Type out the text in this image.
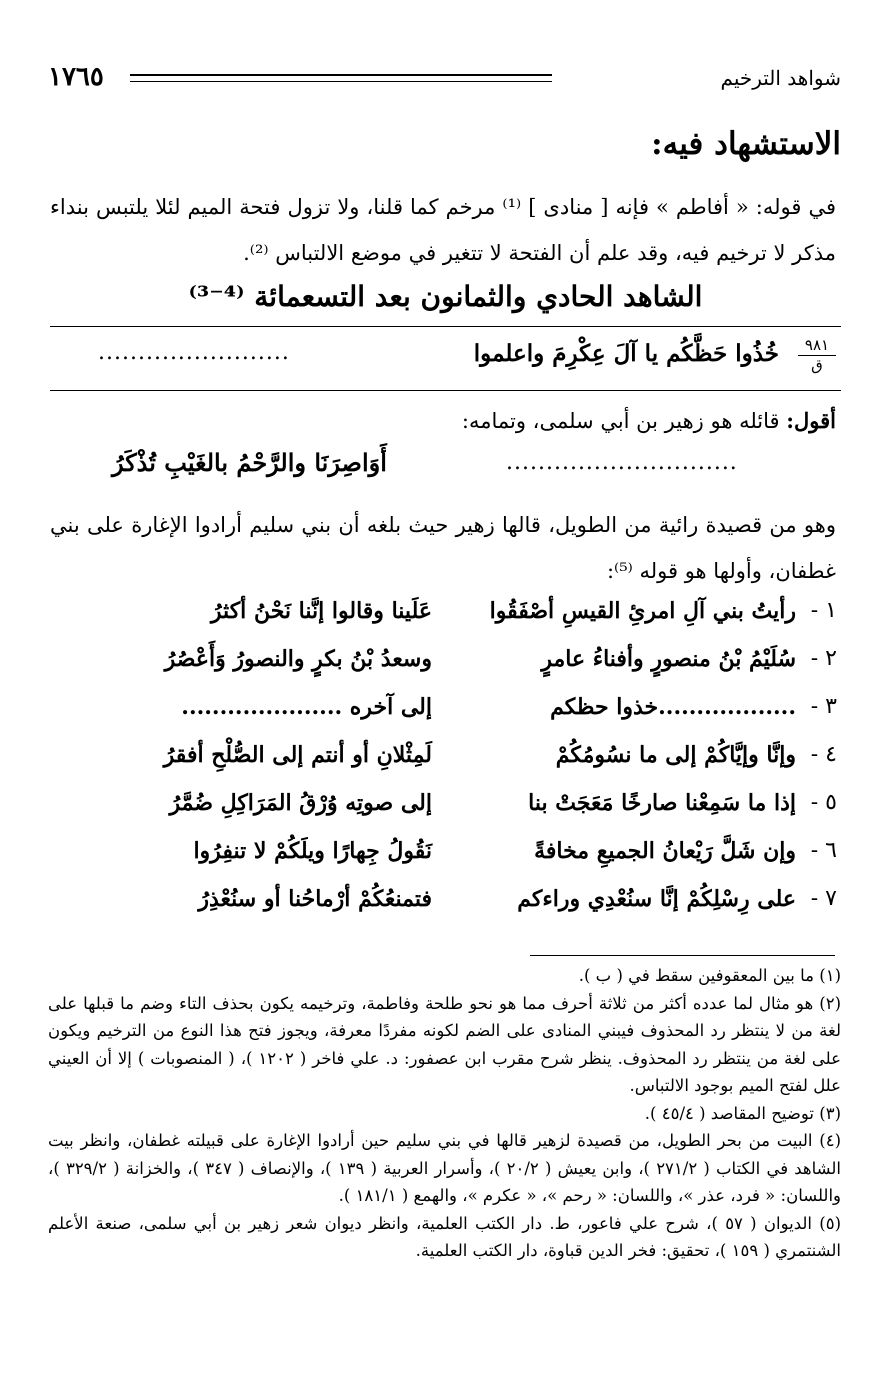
١٧٦٥	شواهد الترخيم
الاستشهاد فيه:
في قوله: « أفاطم » فإنه [ منادى ] ⁽¹⁾ مرخم كما قلنا، ولا تزول فتحة الميم لئلا يلتبس بنداء مذكر لا ترخيم فيه، وقد علم أن الفتحة لا تتغير في موضع الالتباس ⁽²⁾.
الشاهد الحادي والثمانون بعد التسعمائة ⁽⁴⁻³⁾
٩٨١
ق
خُذُوا حَظَّكُم يا آلَ عِكْرِمَ واعلموا
........................
أقول: قائله هو زهير بن أبي سلمى، وتمامه:
أَوَاصِرَنَا والرَّحْمُ بالغَيْبِ تُذْكَرُ	.............................
وهو من قصيدة رائية من الطويل، قالها زهير حيث بلغه أن بني سليم أرادوا الإغارة على بني غطفان، وأولها هو قوله ⁽⁵⁾:
١ -
رأيتُ بني آلِ امرئِ القيسِ أصْفَقُوا
عَلَينا وقالوا إنَّنا نَحْنُ أكثرُ
٢ -
سُلَيْمُ بْنُ منصورٍ وأفناءُ عامرٍ
وسعدُ بْنُ بكرٍ والنصورُ وَأَعْصُرُ
٣ -
..................خذوا حظكم
إلى آخره .....................
٤ -
وإنَّا وإيَّاكُمْ إلى ما نسُومُكُمْ
لَمِثْلانِ أو أنتم إلى الصُّلْحِ أفقرُ
٥ -
إذا ما سَمِعْنا صارخًا مَعَجَتْ بنا
إلى صوتِه وُرْقُ المَرَاكِلِ ضُمَّرُ
٦ -
وإن شَلَّ رَيْعانُ الجميعِ مخافةً
نَقُولُ جِهارًا ويلَكُمْ لا تنفِرُوا
٧ -
على رِسْلِكُمْ إنَّا سنُعْدِي وراءكم
فتمنعُكُمْ أرْماحُنا أو سنُعْذِرُ

(١) ما بين المعقوفين سقط في ( ب ).

(٢) هو مثال لما عدده أكثر من ثلاثة أحرف مما هو نحو طلحة وفاطمة، وترخيمه يكون بحذف التاء وضم ما قبلها على لغة من لا ينتظر رد المحذوف فيبني المنادى على الضم لكونه مفردًا معرفة، ويجوز فتح هذا النوع من الترخيم ويكون على لغة من ينتظر رد المحذوف. ينظر شرح مقرب ابن عصفور: د. علي فاخر ( ١٢٠٢ )، ( المنصوبات ) إلا أن العيني علل لفتح الميم بوجود الالتباس.

(٣) توضيح المقاصد ( ٤٥/٤ ).

(٤) البيت من بحر الطويل، من قصيدة لزهير قالها في بني سليم حين أرادوا الإغارة على قبيلته غطفان، وانظر بيت الشاهد في الكتاب ( ٢٧١/٢ )، وابن يعيش ( ٢٠/٢ )، وأسرار العربية ( ١٣٩ )، والإنصاف ( ٣٤٧ )، والخزانة ( ٣٢٩/٢ )، واللسان: « فرد، عذر »، واللسان: « رحم »، « عكرم »، والهمع ( ١٨١/١ ).

(٥) الديوان ( ٥٧ )، شرح علي فاعور، ط. دار الكتب العلمية، وانظر ديوان شعر زهير بن أبي سلمى، صنعة الأعلم الشنتمري ( ١٥٩ )، تحقيق: فخر الدين قباوة، دار الكتب العلمية.
